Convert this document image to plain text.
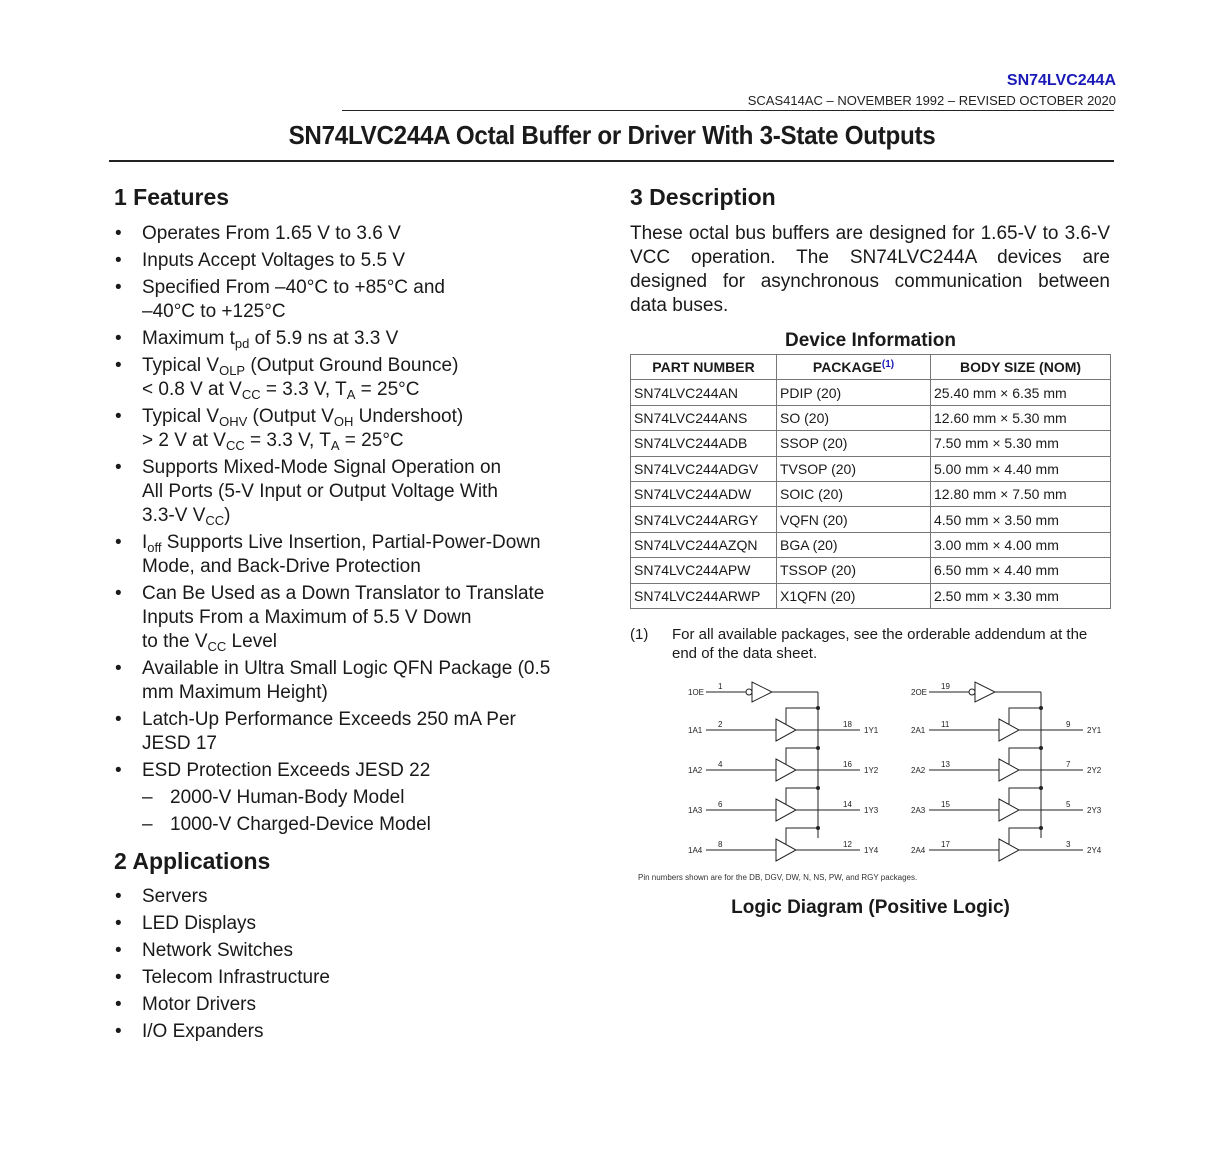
SN74LVC244A
SCAS414AC – NOVEMBER 1992 – REVISED OCTOBER 2020
SN74LVC244A Octal Buffer or Driver With 3-State Outputs
1 Features
• Operates From 1.65 V to 3.6 V
• Inputs Accept Voltages to 5.5 V
• Specified From –40°C to +85°C and
–40°C to +125°C
• Maximum $t_{pd}$ of 5.9 ns at 3.3 V
• Typical $V_{OLP}$ (Output Ground Bounce)
< 0.8 V at $V_{CC} = 3.3$ V, $T_A = 25^\circ C$
• Typical $V_{OHV}$ (Output $V_{OH}$ Undershoot)
> 2 V at $V_{CC} = 3.3$ V, $T_A = 25^\circ C$
• Supports Mixed-Mode Signal Operation on
All Ports (5-V Input or Output Voltage With
3.3-V $V_{CC}$)
• $I_{off}$ Supports Live Insertion, Partial-Power-Down
Mode, and Back-Drive Protection
• Can Be Used as a Down Translator to Translate
Inputs From a Maximum of 5.5 V Down
to the $V_{CC}$ Level
• Available in Ultra Small Logic QFN Package (0.5
mm Maximum Height)
• Latch-Up Performance Exceeds 250 mA Per
JESD 17
• ESD Protection Exceeds JESD 22
– 2000-V Human-Body Model
– 1000-V Charged-Device Model
2 Applications
• Servers
• LED Displays
• Network Switches
• Telecom Infrastructure
• Motor Drivers
• I/O Expanders
3 Description

These octal bus buffers are designed for 1.65-V to 3.6-V VCC operation. The SN74LVC244A devices are designed for asynchronous communication between data buses.

Device Information
PART NUMBER	PACKAGE$^{(1)}$	BODY SIZE (NOM)
SN74LVC244AN	PDIP (20)	25.40 mm × 6.35 mm
SN74LVC244ANS	SO (20)	12.60 mm × 5.30 mm
SN74LVC244ADB	SSOP (20)	7.50 mm × 5.30 mm
SN74LVC244ADGV	TVSOP (20)	5.00 mm × 4.40 mm
SN74LVC244ADW	SOIC (20)	12.80 mm × 7.50 mm
SN74LVC244ARGY	VQFN (20)	4.50 mm × 3.50 mm
SN74LVC244AZQN	BGA (20)	3.00 mm × 4.00 mm
SN74LVC244APW	TSSOP (20)	6.50 mm × 4.40 mm
SN74LVC244ARWP	X1QFN (20)	2.50 mm × 3.30 mm
(1) For all available packages, see the orderable addendum at the end of the data sheet.
1OE
1
1A1
2	18
1Y1
1A2
4	16
1Y2
1A3
6	14
1Y3
1A4
8	12
1Y4
2OE
19
2A1
11	9
2Y1
2A2
13	7
2Y2
2A3
15	5
2Y3
2A4
17	3
2Y4
Pin numbers shown are for the DB, DGV, DW, N, NS, PW, and RGY packages.
Logic Diagram (Positive Logic)
